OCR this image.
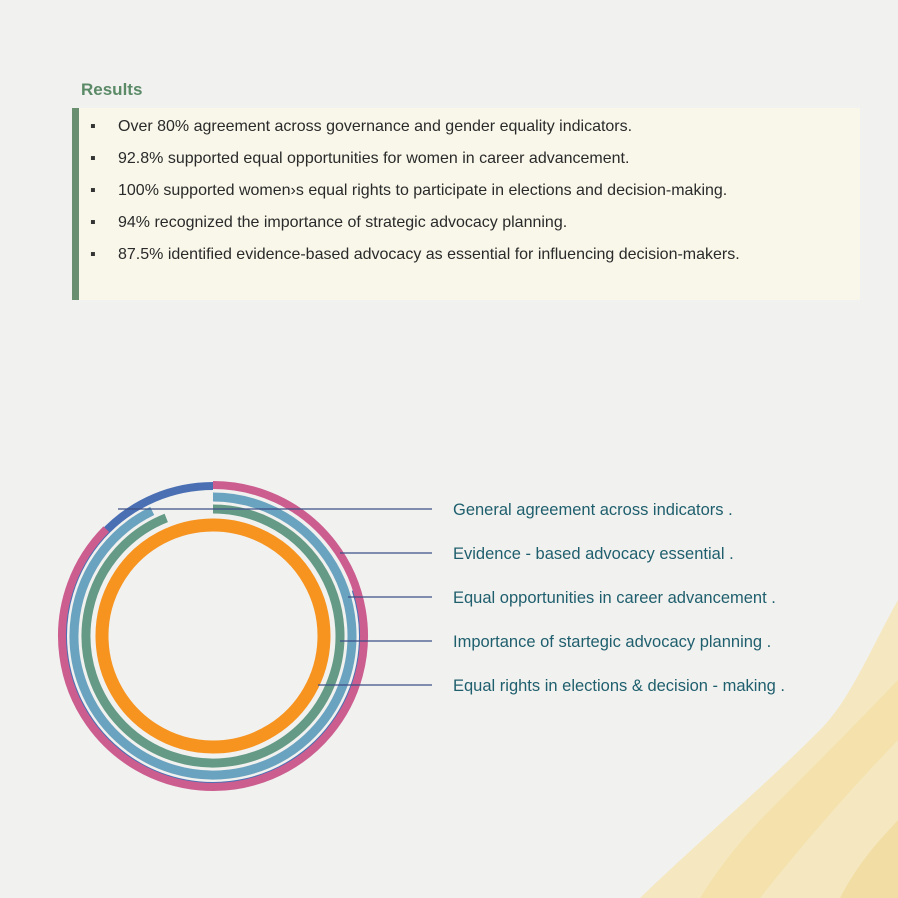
Results
▪ Over 80% agreement across governance and gender equality indicators.
▪ 92.8% supported equal opportunities for women in career advancement.
▪ 100% supported women›s equal rights to participate in elections and decision-making.
▪ 94% recognized the importance of strategic advocacy planning.
▪ 87.5% identified evidence-based advocacy as essential for influencing decision-makers.
General agreement across indicators .
Evidence - based advocacy essential .
Equal opportunities in career advancement .
Importance of startegic advocacy planning .
Equal rights in elections & decision - making .
